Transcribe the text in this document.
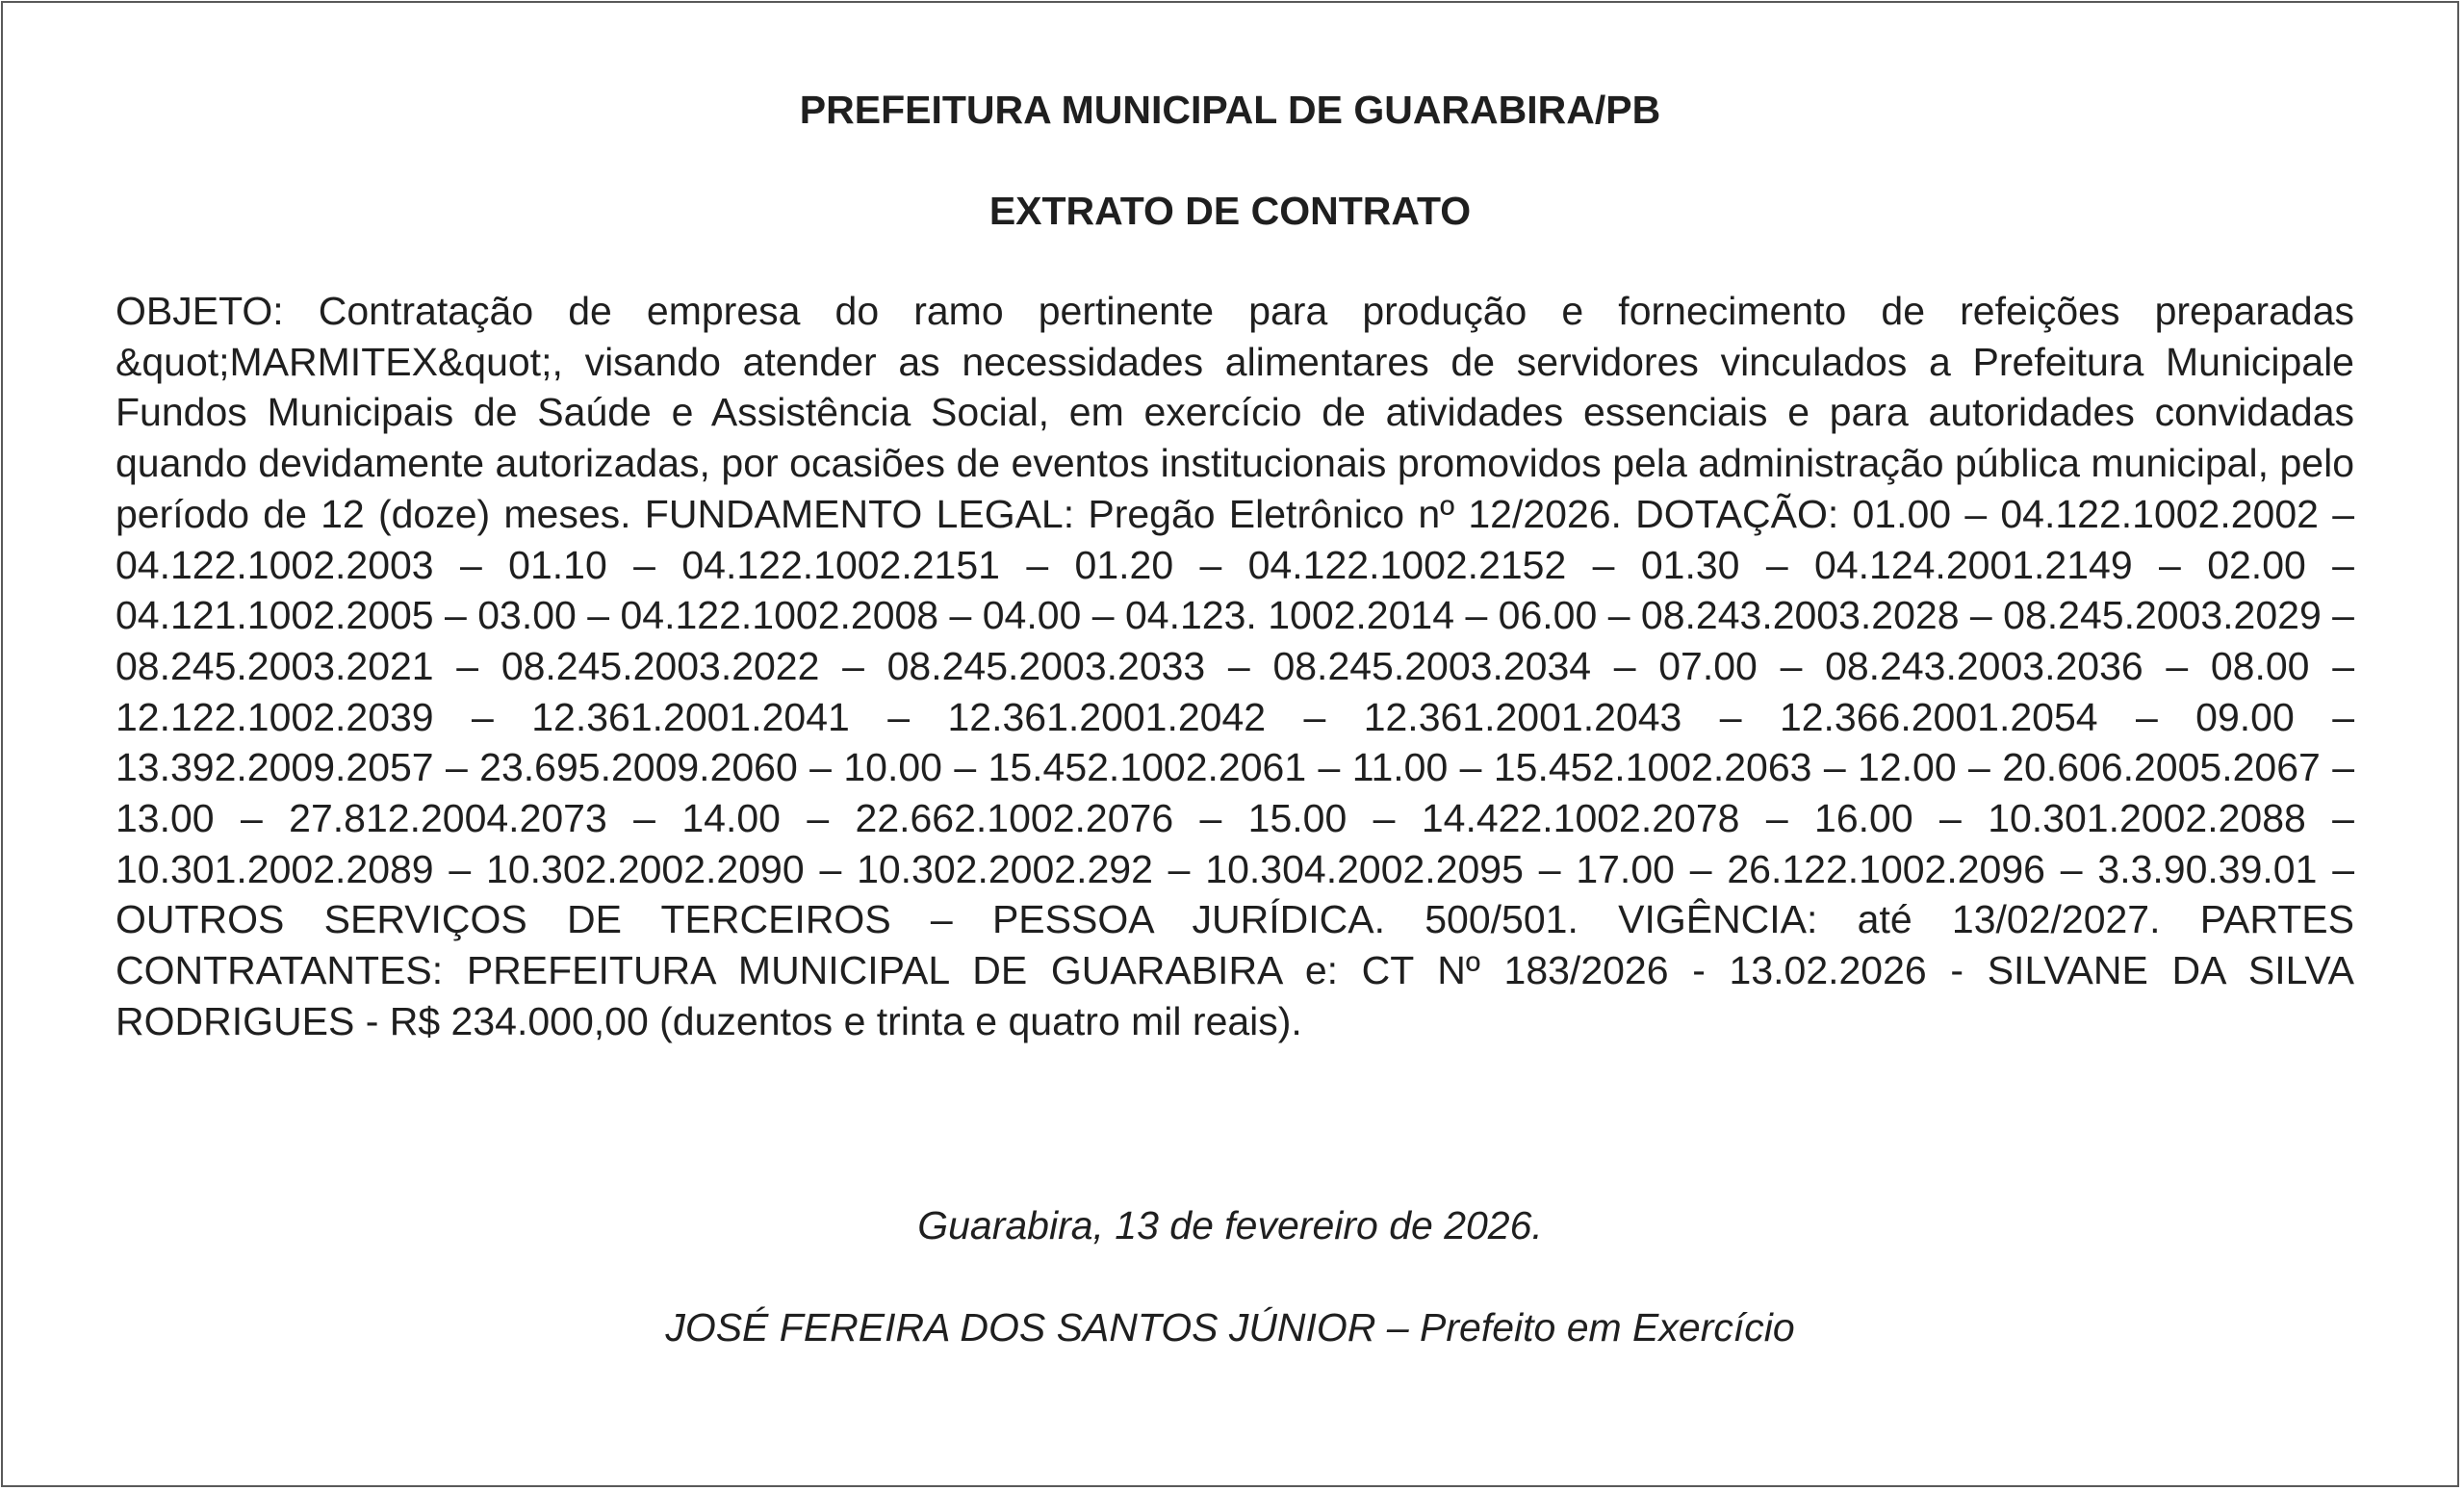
PREFEITURA MUNICIPAL DE GUARABIRA/PB

EXTRATO DE CONTRATO

OBJETO: Contratação de empresa do ramo pertinente para produção e fornecimento de refeições preparadas &quot;MARMITEX&quot;, visando atender as necessidades alimentares de servidores vinculados a Prefeitura Municipale Fundos Municipais de Saúde e Assistência Social, em exercício de atividades essenciais e para autoridades convidadas quando devidamente autorizadas, por ocasiões de eventos institucionais promovidos pela administração pública municipal, pelo período de 12 (doze) meses. FUNDAMENTO LEGAL: Pregão Eletrônico nº 12/2026. DOTAÇÃO: 01.00 – 04.122.1002.2002 – 04.122.1002.2003 – 01.10 – 04.122.1002.2151 – 01.20 – 04.122.1002.2152 – 01.30 – 04.124.2001.2149 – 02.00 – 04.121.1002.2005 – 03.00 – 04.122.1002.2008 – 04.00 – 04.123. 1002.2014 – 06.00 – 08.243.2003.2028 – 08.245.2003.2029 – 08.245.2003.2021 – 08.245.2003.2022 – 08.245.2003.2033 – 08.245.2003.2034 – 07.00 – 08.243.2003.2036 – 08.00 – 12.122.1002.2039 – 12.361.2001.2041 – 12.361.2001.2042 – 12.361.2001.2043 – 12.366.2001.2054 – 09.00 – 13.392.2009.2057 – 23.695.2009.2060 – 10.00 – 15.452.1002.2061 – 11.00 – 15.452.1002.2063 – 12.00 – 20.606.2005.2067 – 13.00 – 27.812.2004.2073 – 14.00 – 22.662.1002.2076 – 15.00 – 14.422.1002.2078 – 16.00 – 10.301.2002.2088 – 10.301.2002.2089 – 10.302.2002.2090 – 10.302.2002.292 – 10.304.2002.2095 – 17.00 – 26.122.1002.2096 – 3.3.90.39.01 – OUTROS SERVIÇOS DE TERCEIROS – PESSOA JURÍDICA. 500/501. VIGÊNCIA: até 13/02/2027. PARTES CONTRATANTES: PREFEITURA MUNICIPAL DE GUARABIRA e: CT Nº 183/2026 - 13.02.2026 - SILVANE DA SILVA RODRIGUES - R$ 234.000,00 (duzentos e trinta e quatro mil reais).

Guarabira, 13 de fevereiro de 2026.

JOSÉ FEREIRA DOS SANTOS JÚNIOR – Prefeito em Exercício
